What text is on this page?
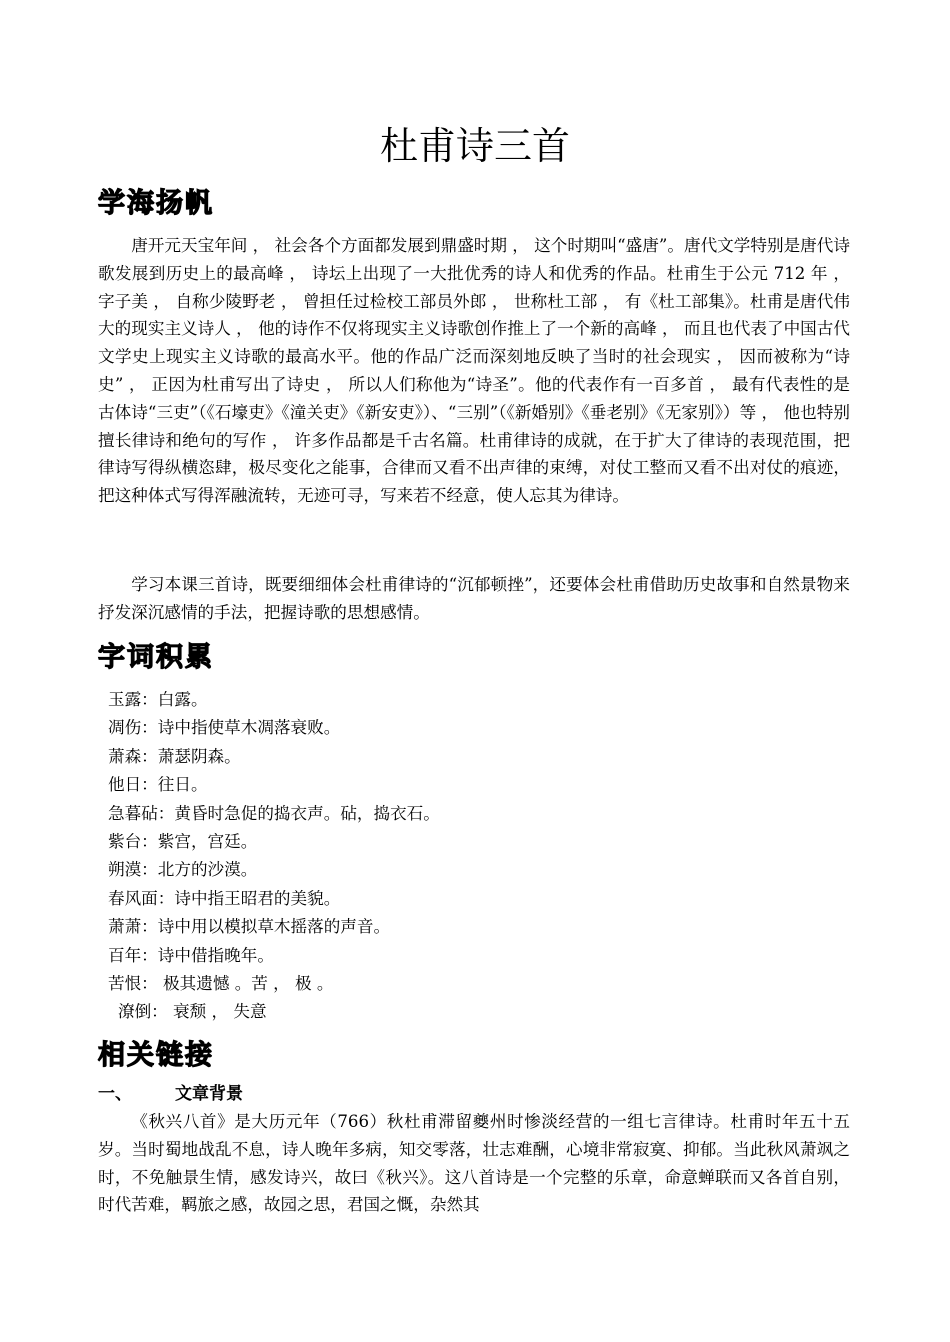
杜甫诗三首
学海扬帆

唐开元天宝年间 ， 社会各个方面都发展到鼎盛时期 ， 这个时期叫“盛唐”。唐代文学特别是唐代诗歌发展到历史上的最高峰 ， 诗坛上出现了一大批优秀的诗人和优秀的作品。杜甫生于公元 712 年 ， 字子美 ， 自称少陵野老 ， 曾担任过检校工部员外郎 ， 世称杜工部 ， 有《杜工部集》。杜甫是唐代伟大的现实主义诗人 ， 他的诗作不仅将现实主义诗歌创作推上了一个新的高峰 ， 而且也代表了中国古代文学史上现实主义诗歌的最高水平。他的作品广泛而深刻地反映了当时的社会现实 ， 因而被称为“诗史” ， 正因为杜甫写出了诗史 ， 所以人们称他为“诗圣”。他的代表作有一百多首 ， 最有代表性的是古体诗“三吏”（《石壕吏》《潼关吏》《新安吏》）、“三别”（《新婚别》《垂老别》《无家别》）等 ， 他也特别擅长律诗和绝句的写作 ， 许多作品都是千古名篇。杜甫律诗的成就，在于扩大了律诗的表现范围，把律诗写得纵横恣肆，极尽变化之能事，合律而又看不出声律的束缚，对仗工整而又看不出对仗的痕迹，把这种体式写得浑融流转，无迹可寻，写来若不经意，使人忘其为律诗。

学习本课三首诗，既要细细体会杜甫律诗的“沉郁顿挫”，还要体会杜甫借助历史故事和自然景物来抒发深沉感情的手法，把握诗歌的思想感情。

字词积累
玉露：白露。
凋伤：诗中指使草木凋落衰败。
萧森：萧瑟阴森。
他日：往日。
急暮砧：黄昏时急促的捣衣声。砧，捣衣石。
紫台：紫宫，宫廷。
朔漠：北方的沙漠。
春风面：诗中指王昭君的美貌。
萧萧：诗中用以模拟草木摇落的声音。
百年：诗中借指晚年。
苦恨： 极其遗憾 。苦 ， 极 。
潦倒： 衰颓 ， 失意
相关链接
一、	文章背景

《秋兴八首》是大历元年（766）秋杜甫滞留夔州时惨淡经营的一组七言律诗。杜甫时年五十五岁。当时蜀地战乱不息，诗人晚年多病，知交零落，壮志难酬，心境非常寂寞、抑郁。当此秋风萧飒之时，不免触景生情，感发诗兴，故曰《秋兴》。这八首诗是一个完整的乐章，命意蝉联而又各首自别，时代苦难，羁旅之感，故园之思，君国之慨，杂然其
